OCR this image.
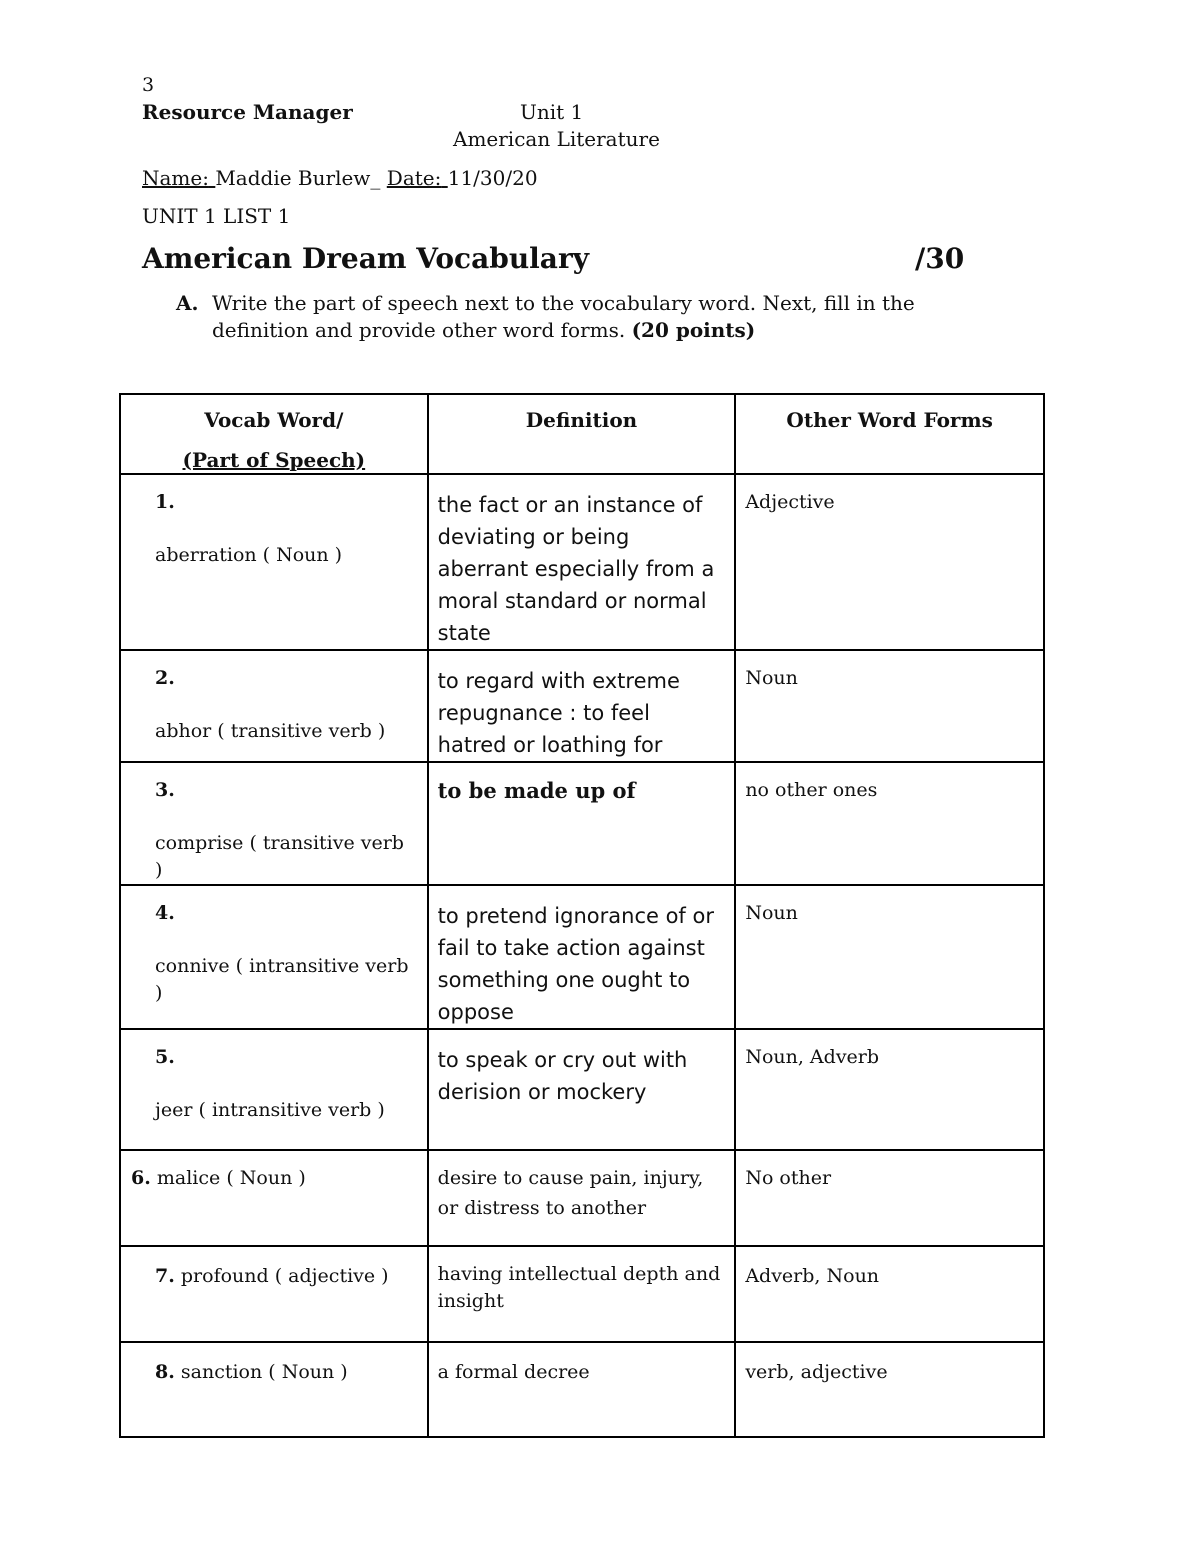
3
Resource Manager	Unit 1
American Literature
Name: Maddie Burlew_ Date: 11/30/20
UNIT 1 LIST 1
American Dream Vocabulary	/30
A. Write the part of speech next to the vocabulary word. Next, fill in the
definition and provide other word forms. (20 points)
Vocab Word/
(Part of Speech)	Definition	Other Word Forms

1.
aberration ( Noun )	the fact or an instance of deviating or being aberrant especially from a moral standard or normal state	Adjective

2.
abhor ( transitive verb )	to regard with extreme repugnance : to feel hatred or loathing for	Noun

3.
comprise ( transitive verb )	to be made up of	no other ones

4.
connive ( intransitive verb )	to pretend ignorance of or fail to take action against something one ought to oppose	Noun

5.
jeer ( intransitive verb )	to speak or cry out with derision or mockery	Noun, Adverb
6. malice ( Noun )	desire to cause pain, injury, or distress to another	No other
7. profound ( adjective )	having intellectual depth and insight	Adverb, Noun
8. sanction ( Noun )	a formal decree	verb, adjective
